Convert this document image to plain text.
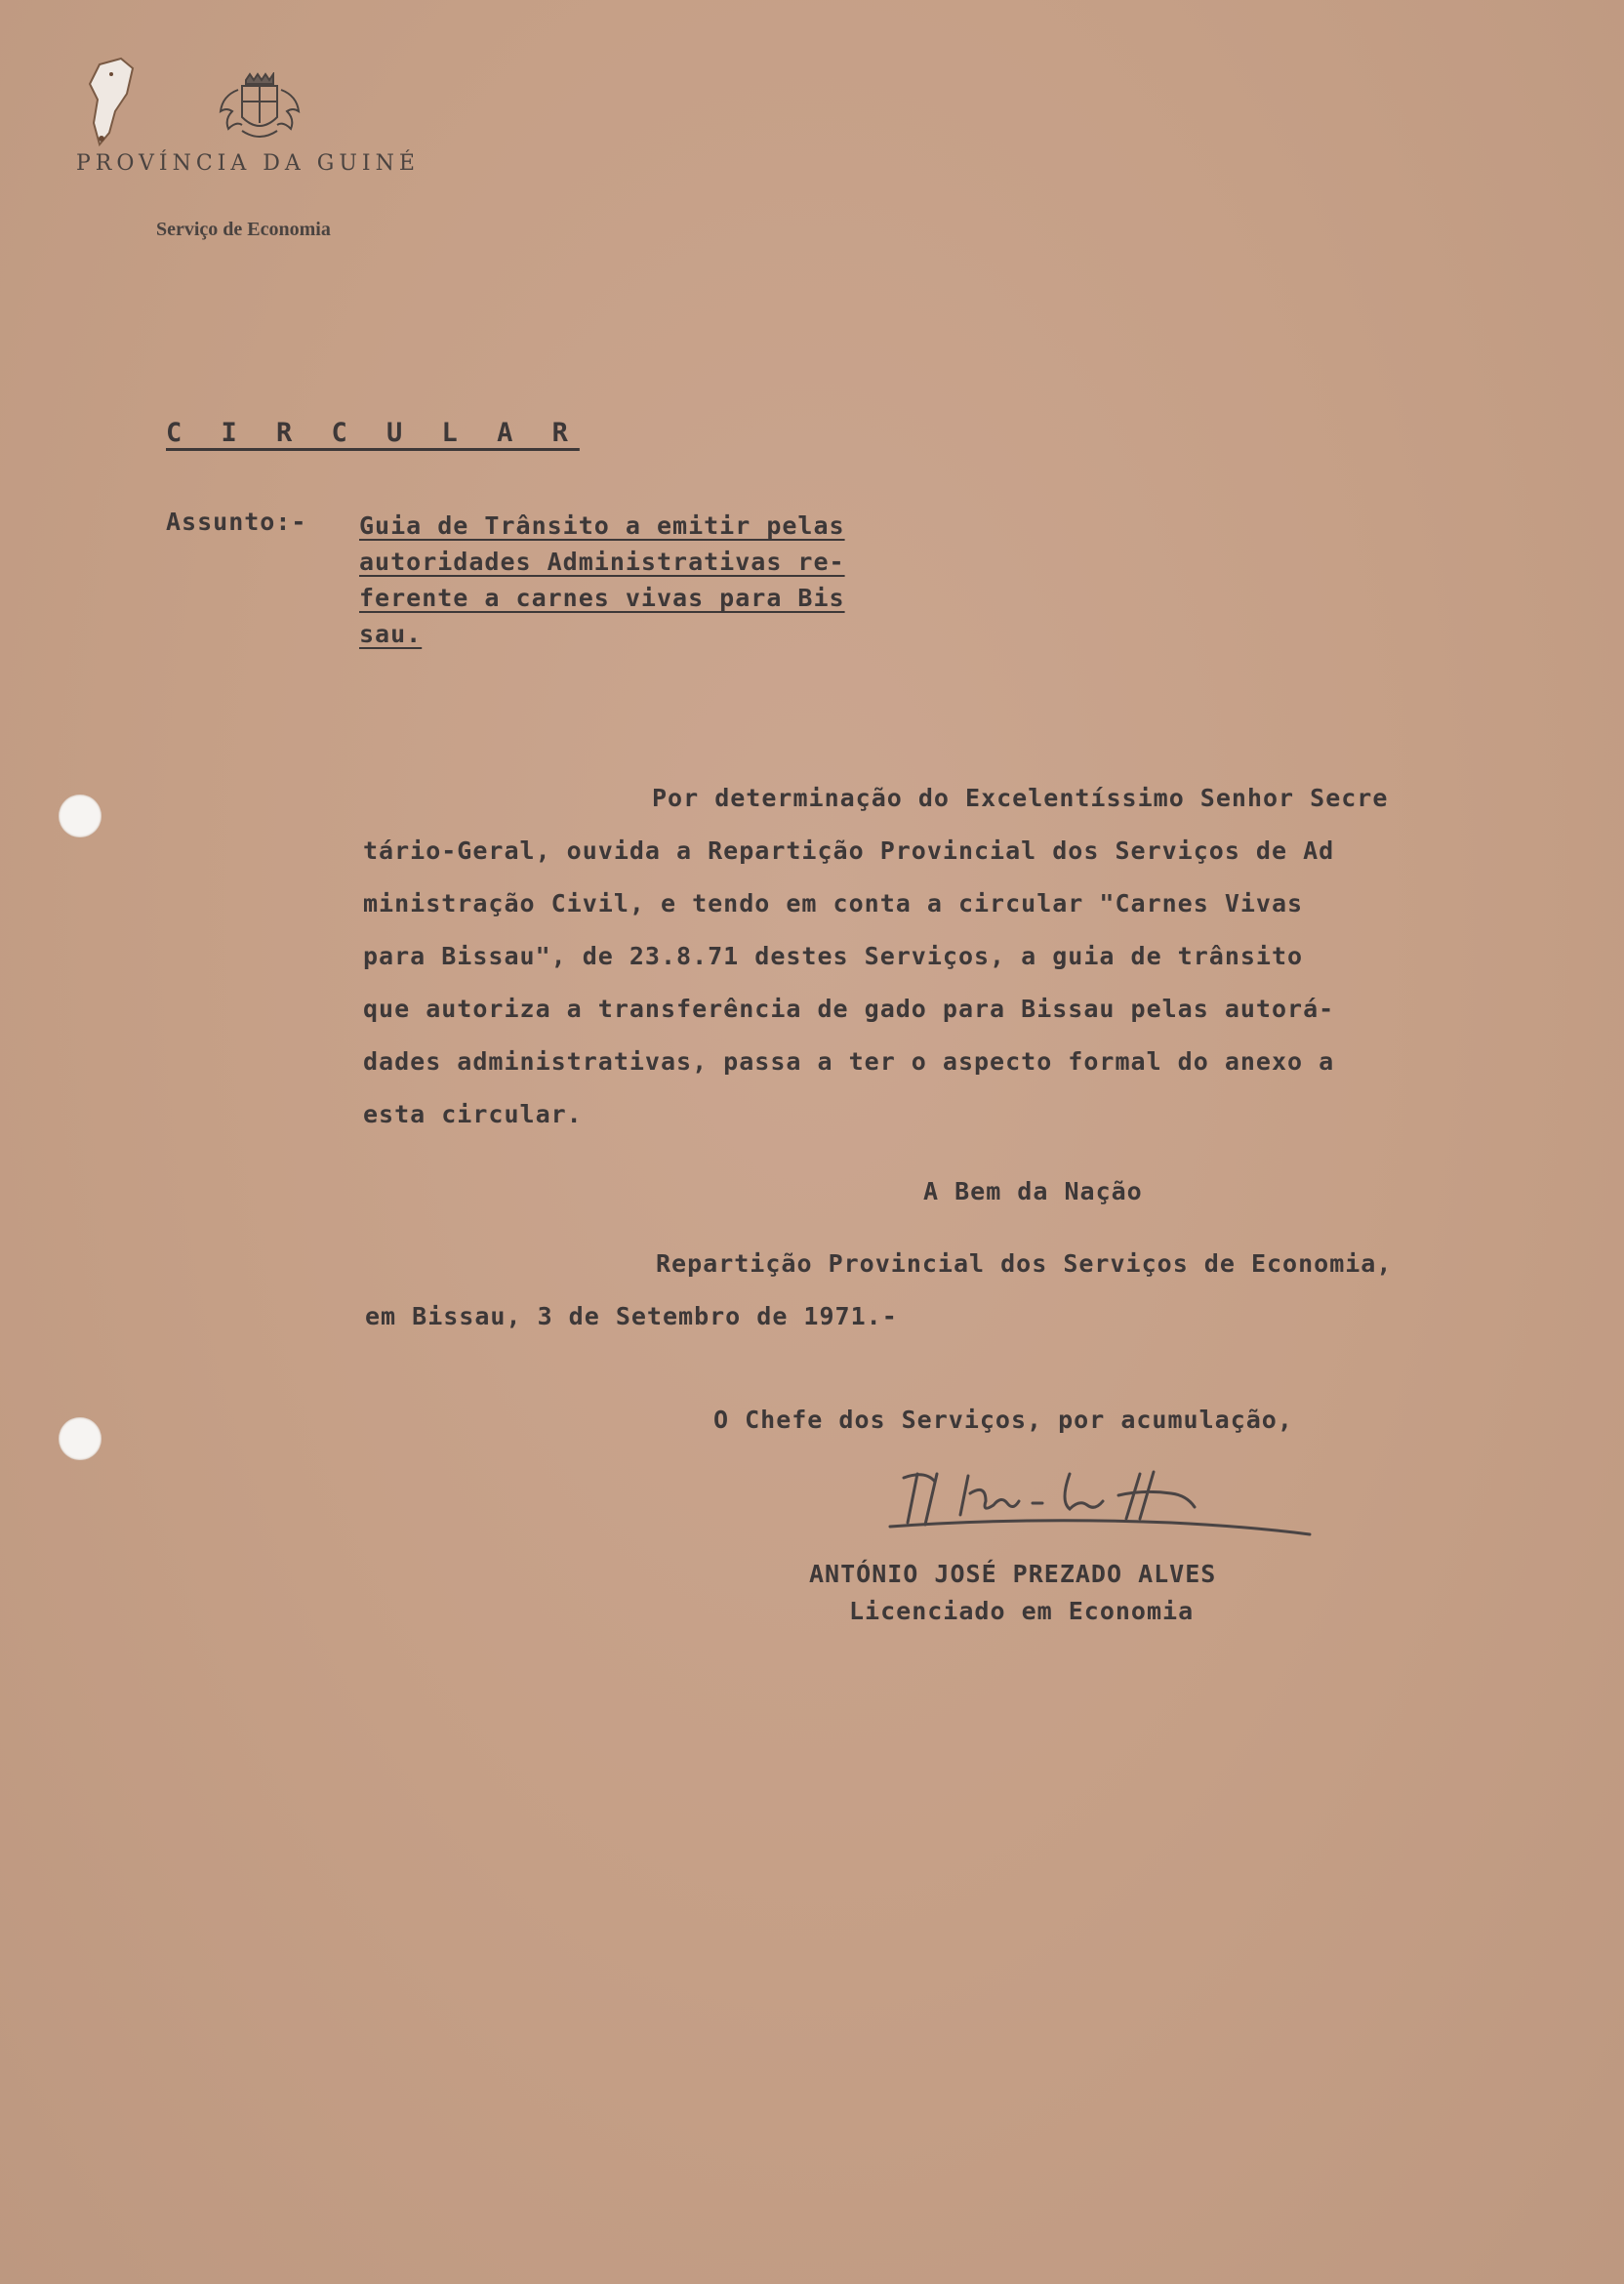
PROVÍNCIA DA GUINÉ
Serviço de Economia
C I R C U L A R
Assunto:- Guia de Trânsito a emitir pelas
autoridades Administrativas re-
ferente a carnes vivas para Bis
sau.
Por determinação do Excelentíssimo Senhor Secre
tário-Geral, ouvida a Repartição Provincial dos Serviços de Ad
ministração Civil, e tendo em conta a circular "Carnes Vivas
para Bissau", de 23.8.71 destes Serviços, a guia de trânsito
que autoriza a transferência de gado para Bissau pelas autorá-
dades administrativas, passa a ter o aspecto formal do anexo a
esta circular.
A Bem da Nação
Repartição Provincial dos Serviços de Economia,
em Bissau, 3 de Setembro de 1971.-
O Chefe dos Serviços, por acumulação,
ANTÓNIO JOSÉ PREZADO ALVES
Licenciado em Economia
